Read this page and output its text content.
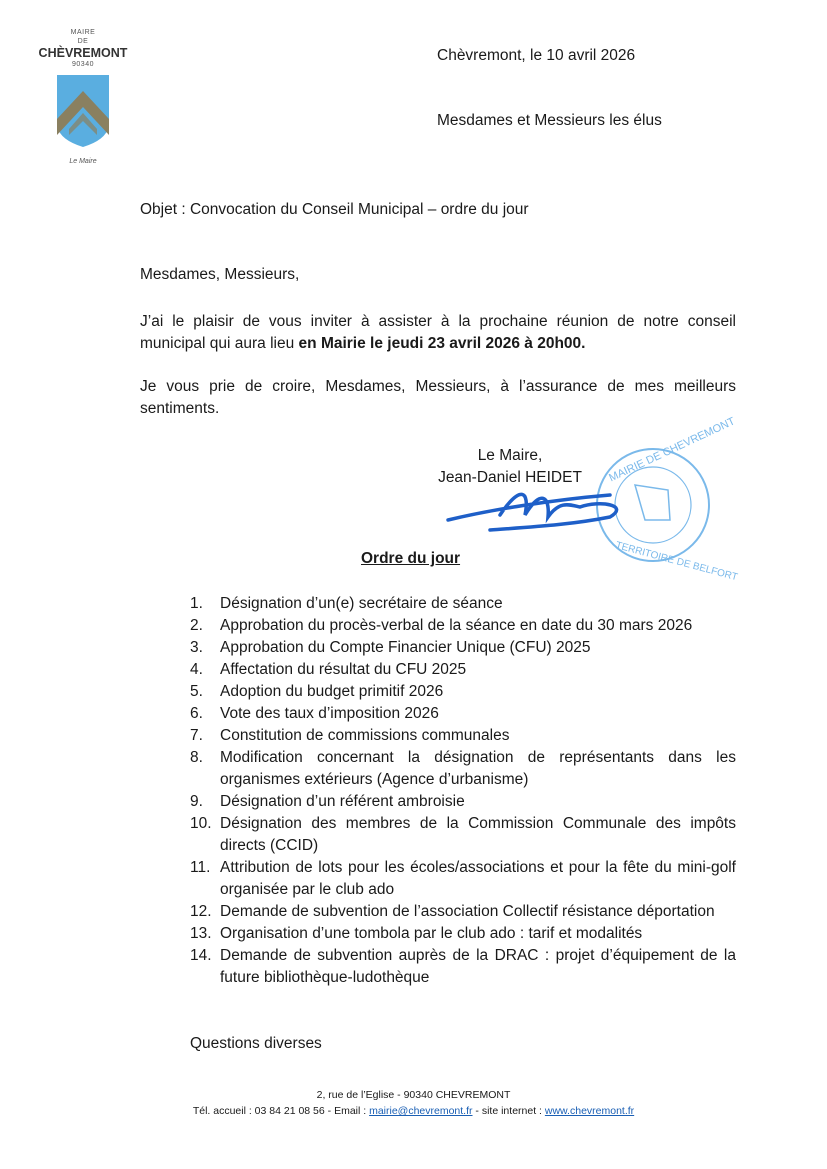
MAIRE
DE
CHÈVREMONT
90340
Le Maire
Chèvremont, le 10 avril 2026
Mesdames et Messieurs les élus
Objet : Convocation du Conseil Municipal – ordre du jour
Mesdames, Messieurs,
J’ai le plaisir de vous inviter à assister à la prochaine réunion de notre conseil municipal qui aura lieu en Mairie le jeudi 23 avril 2026 à 20h00.
Je vous prie de croire, Mesdames, Messieurs, à l’assurance de mes meilleurs sentiments.
Le Maire,
Jean-Daniel HEIDET	MAIRIE DE CHEVREMONT
TERRITOIRE DE BELFORT
Ordre du jour
1.	Désignation d’un(e) secrétaire de séance
2.	Approbation du procès-verbal de la séance en date du 30 mars 2026
3.	Approbation du Compte Financier Unique (CFU) 2025
4.	Affectation du résultat du CFU 2025
5.	Adoption du budget primitif 2026
6.	Vote des taux d’imposition 2026
7.	Constitution de commissions communales
8.	Modification concernant la désignation de représentants dans les organismes extérieurs (Agence d’urbanisme)
9.	Désignation d’un référent ambroisie
10. Désignation des membres de la Commission Communale des impôts directs (CCID)
11. Attribution de lots pour les écoles/associations et pour la fête du mini-golf organisée par le club ado
12. Demande de subvention de l’association Collectif résistance déportation
13. Organisation d’une tombola par le club ado : tarif et modalités
14. Demande de subvention auprès de la DRAC : projet d’équipement de la future bibliothèque-ludothèque
Questions diverses
2, rue de l’Eglise - 90340 CHEVREMONT
Tél. accueil : 03 84 21 08 56 - Email : mairie@chevremont.fr - site internet : www.chevremont.fr
